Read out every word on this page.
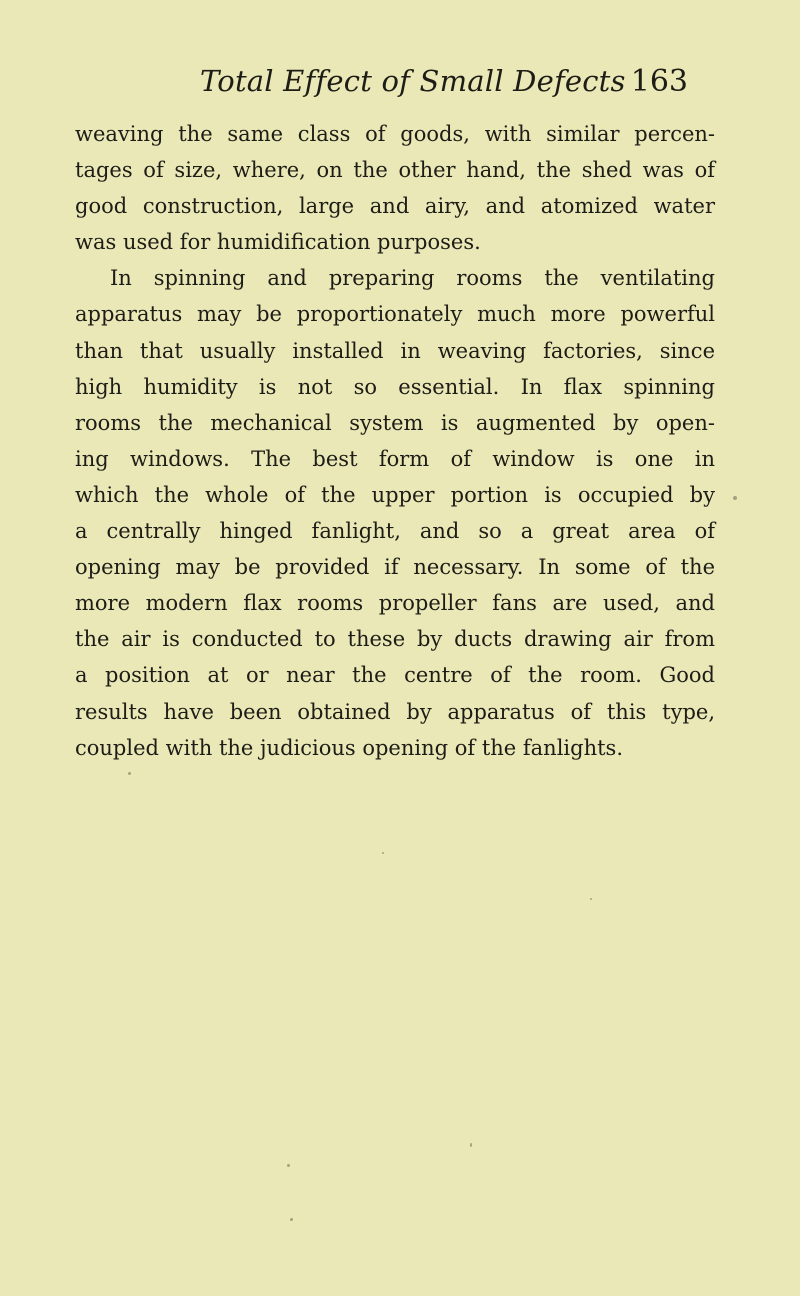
Total Effect of Small Defects 163
weaving the same class of goods, with similar percen-
tages of size, where, on the other hand, the shed was of
good construction, large and airy, and atomized water
was used for humidification purposes.
In spinning and preparing rooms the ventilating
apparatus may be proportionately much more powerful
than that usually installed in weaving factories, since
high humidity is not so essential. In flax spinning
rooms the mechanical system is augmented by open-
ing windows. The best form of window is one in
which the whole of the upper portion is occupied by
a centrally hinged fanlight, and so a great area of
opening may be provided if necessary. In some of the
more modern flax rooms propeller fans are used, and
the air is conducted to these by ducts drawing air from
a position at or near the centre of the room. Good
results have been obtained by apparatus of this type,
coupled with the judicious opening of the fanlights.
